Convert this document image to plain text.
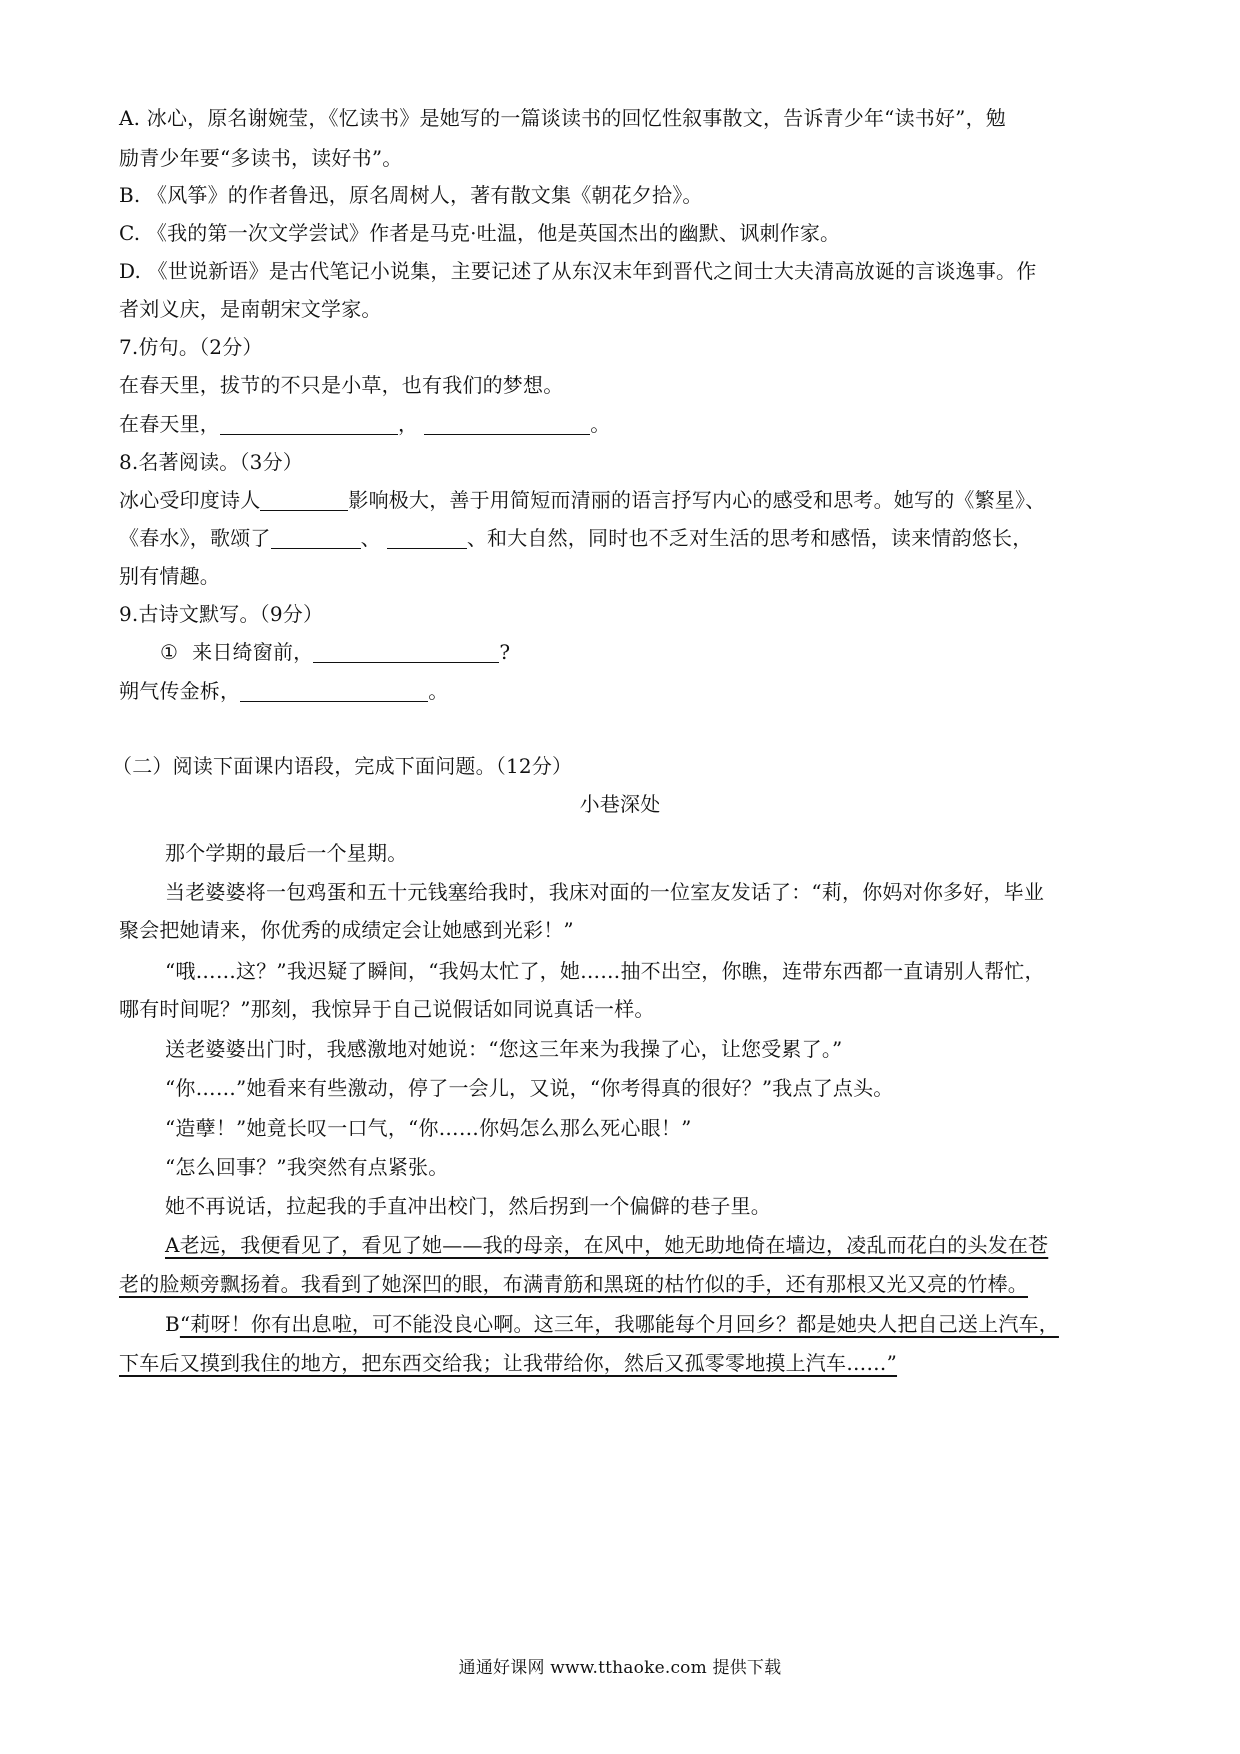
A. 冰心，原名谢婉莹，《忆读书》是她写的一篇谈读书的回忆性叙事散文，告诉青少年“读书好”，勉
励青少年要“多读书，读好书”。
B. 《风筝》的作者鲁迅，原名周树人，著有散文集《朝花夕拾》。
C. 《我的第一次文学尝试》作者是马克·吐温，他是英国杰出的幽默、讽刺作家。
D. 《世说新语》是古代笔记小说集，主要记述了从东汉末年到晋代之间士大夫清高放诞的言谈逸事。作
者刘义庆，是南朝宋文学家。
7.仿句。（2分）
在春天里，拔节的不只是小草，也有我们的梦想。
在春天里，	，	。
8.名著阅读。（3分）
冰心受印度诗人	影响极大，善于用简短而清丽的语言抒写内心的感受和思考。她写的《繁星》、
《春水》，歌颂了	、	、和大自然，同时也不乏对生活的思考和感悟，读来情韵悠长，
别有情趣。
9.古诗文默写。（9分）
① 来日绮窗前，	?
朔气传金柝，	。
（二）阅读下面课内语段，完成下面问题。（12分）
小巷深处
那个学期的最后一个星期。
当老婆婆将一包鸡蛋和五十元钱塞给我时，我床对面的一位室友发话了：“莉，你妈对你多好，毕业
聚会把她请来，你优秀的成绩定会让她感到光彩！”
“哦……这？”我迟疑了瞬间，“我妈太忙了，她……抽不出空，你瞧，连带东西都一直请别人帮忙，
哪有时间呢？”那刻，我惊异于自己说假话如同说真话一样。
送老婆婆出门时，我感激地对她说：“您这三年来为我操了心，让您受累了。”
“你……”她看来有些激动，停了一会儿，又说，“你考得真的很好？”我点了点头。
“造孽！”她竟长叹一口气，“你……你妈怎么那么死心眼！”
“怎么回事？”我突然有点紧张。
她不再说话，拉起我的手直冲出校门，然后拐到一个偏僻的巷子里。
A老远，我便看见了，看见了她——我的母亲，在风中，她无助地倚在墙边，凌乱而花白的头发在苍
老的脸颊旁飘扬着。我看到了她深凹的眼，布满青筋和黑斑的枯竹似的手，还有那根又光又亮的竹棒。
B“莉呀！你有出息啦，可不能没良心啊。这三年，我哪能每个月回乡？都是她央人把自己送上汽车，
下车后又摸到我住的地方，把东西交给我；让我带给你，然后又孤零零地摸上汽车……”
通通好课网 www.tthaoke.com 提供下载
